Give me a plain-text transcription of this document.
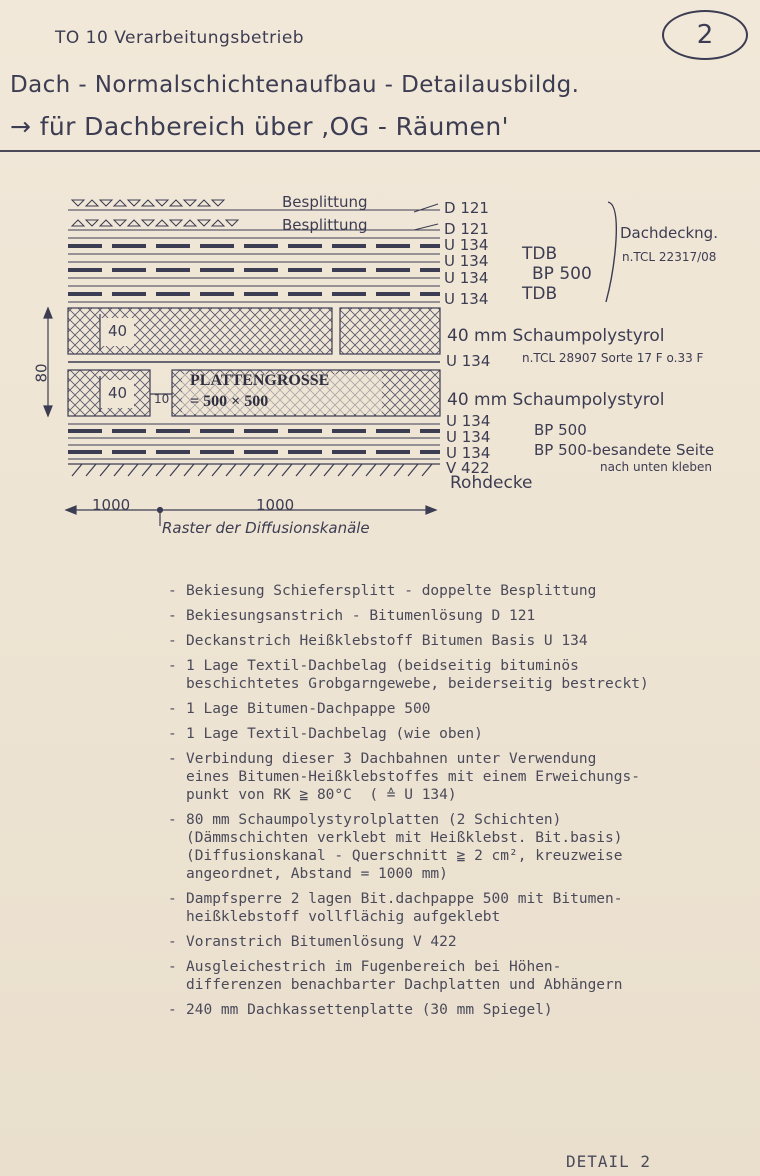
TO 10 Verarbeitungsbetrieb	2
Dach - Normalschichtenaufbau - Detailausbildg.
→ für Dachbereich über ,OG - Räumen'
Besplittung
Besplittung
D 121
D 121
U 134
U 134
U 134
U 134
TDB
BP 500
TDB
Dachdeckng.
n.TCL 22317/08
40 mm Schaumpolystyrol
U 134	n.TCL 28907 Sorte 17 F o.33 F
40 mm Schaumpolystyrol
U 134
U 134
U 134
V 422
BP 500
BP 500-besandete Seite
nach unten kleben
Rohdecke
80
40
40 10
PLATTENGROSSE
= 500 × 500
1000	1000
Raster der Diffusionskanäle
- Bekiesung Schiefersplitt - doppelte Besplittung
- Bekiesungsanstrich - Bitumenlösung D 121
- Deckanstrich Heißklebstoff Bitumen Basis U 134
- 1 Lage Textil-Dachbelag (beidseitig bituminös
beschichtetes Grobgarngewebe, beiderseitig bestreckt)
- 1 Lage Bitumen-Dachpappe 500
- 1 Lage Textil-Dachbelag (wie oben)
- Verbindung dieser 3 Dachbahnen unter Verwendung
eines Bitumen-Heißklebstoffes mit einem Erweichungs-
punkt von RK ≧ 80°C  ( ≙ U 134)
- 80 mm Schaumpolystyrolplatten (2 Schichten)
(Dämmschichten verklebt mit Heißklebst. Bit.basis)
(Diffusionskanal - Querschnitt ≧ 2 cm², kreuzweise
angeordnet, Abstand = 1000 mm)
- Dampfsperre 2 lagen Bit.dachpappe 500 mit Bitumen-
heißklebstoff vollflächig aufgeklebt
- Voranstrich Bitumenlösung V 422
- Ausgleichestrich im Fugenbereich bei Höhen-
differenzen benachbarter Dachplatten und Abhängern
- 240 mm Dachkassettenplatte (30 mm Spiegel)
DETAIL 2
